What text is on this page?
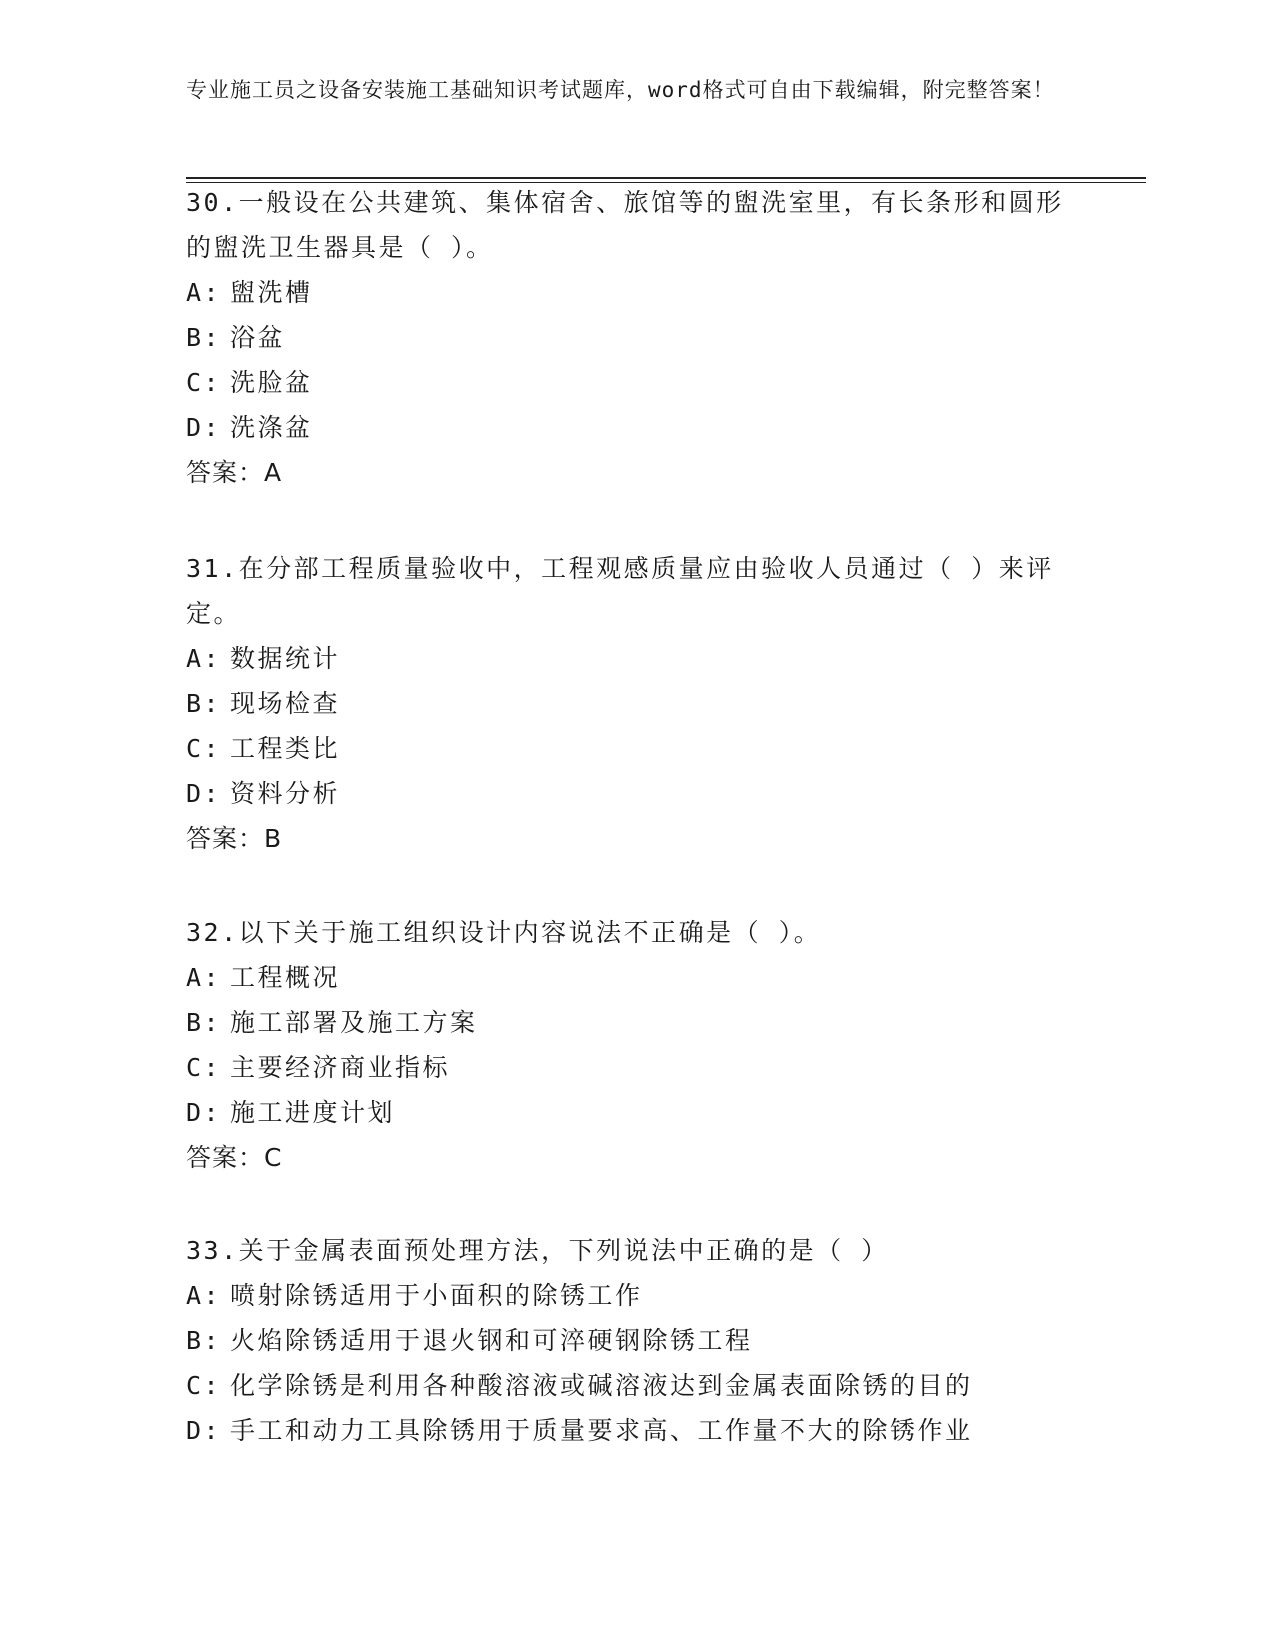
专业施工员之设备安装施工基础知识考试题库，word格式可自由下载编辑，附完整答案！
30.一般设在公共建筑、集体宿舍、旅馆等的盥洗室里，有长条形和圆形的盥洗卫生器具是（ ）。
A: 盥洗槽
B: 浴盆
C: 洗脸盆
D: 洗涤盆
答案：A
31.在分部工程质量验收中，工程观感质量应由验收人员通过（ ）来评定。
A: 数据统计
B: 现场检查
C: 工程类比
D: 资料分析
答案：B
32.以下关于施工组织设计内容说法不正确是（ ）。
A: 工程概况
B: 施工部署及施工方案
C: 主要经济商业指标
D: 施工进度计划
答案：C
33.关于金属表面预处理方法，下列说法中正确的是（ ）
A: 喷射除锈适用于小面积的除锈工作
B: 火焰除锈适用于退火钢和可淬硬钢除锈工程
C: 化学除锈是利用各种酸溶液或碱溶液达到金属表面除锈的目的
D: 手工和动力工具除锈用于质量要求高、工作量不大的除锈作业
